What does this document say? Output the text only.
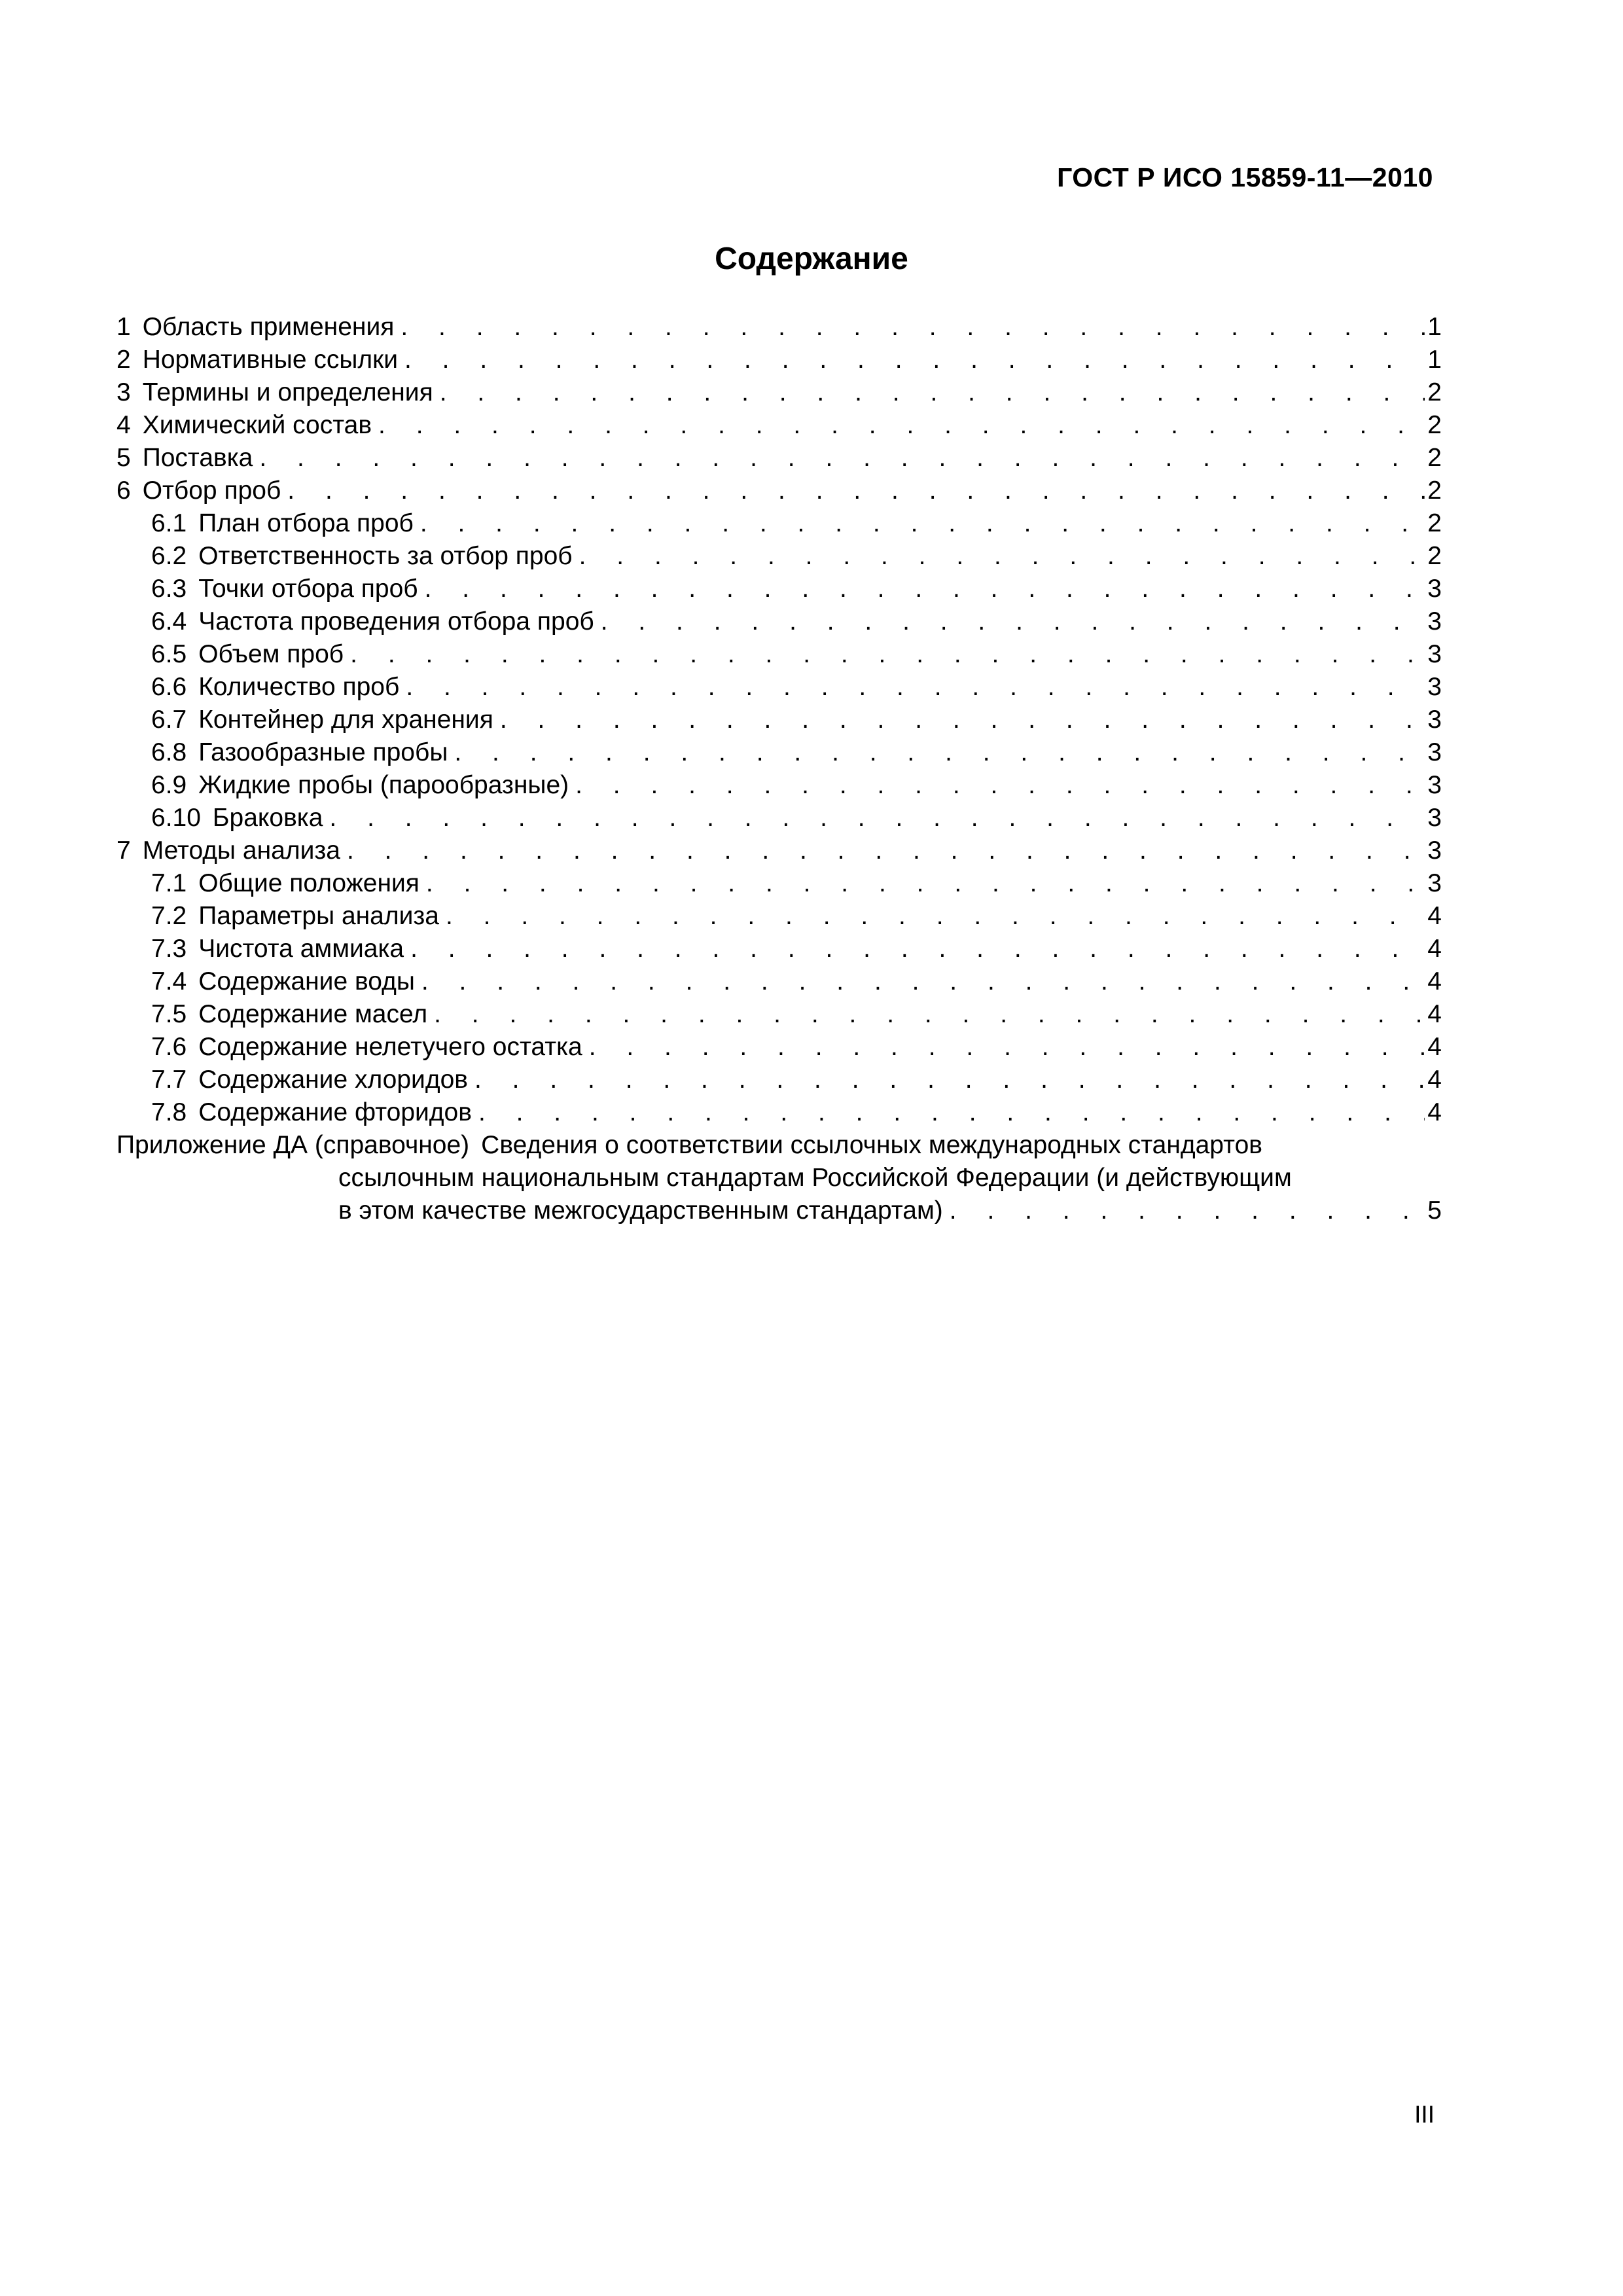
ГОСТ Р ИСО 15859-11—2010
Содержание
1 Область применения . . .	1
2 Нормативные ссылки . . .	1
3 Термины и определения . . .	2
4 Химический состав . . .	2
5 Поставка . . .	2
6 Отбор проб . . .	2
6.1 План отбора проб . . .	2
6.2 Ответственность за отбор проб . . .	2
6.3 Точки отбора проб . . .	3
6.4 Частота проведения отбора проб . . .	3
6.5 Объем проб . . .	3
6.6 Количество проб . . .	3
6.7 Контейнер для хранения . . .	3
6.8 Газообразные пробы . . .	3
6.9 Жидкие пробы (парообразные) . . .	3
6.10 Браковка . . .	3
7 Методы анализа . . .	3
7.1 Общие положения . . .	3
7.2 Параметры анализа . . .	4
7.3 Чистота аммиака . . .	4
7.4 Содержание воды . . .	4
7.5 Содержание масел . . .	4
7.6 Содержание нелетучего остатка . . .	4
7.7 Содержание хлоридов . . .	4
7.8 Содержание фторидов . . .	4
Приложение ДА (справочное) Сведения о соответствии ссылочных международных стандартов
ссылочным национальным стандартам Российской Федерации (и действующим
в этом качестве межгосударственным стандартам) . . .	5
III
